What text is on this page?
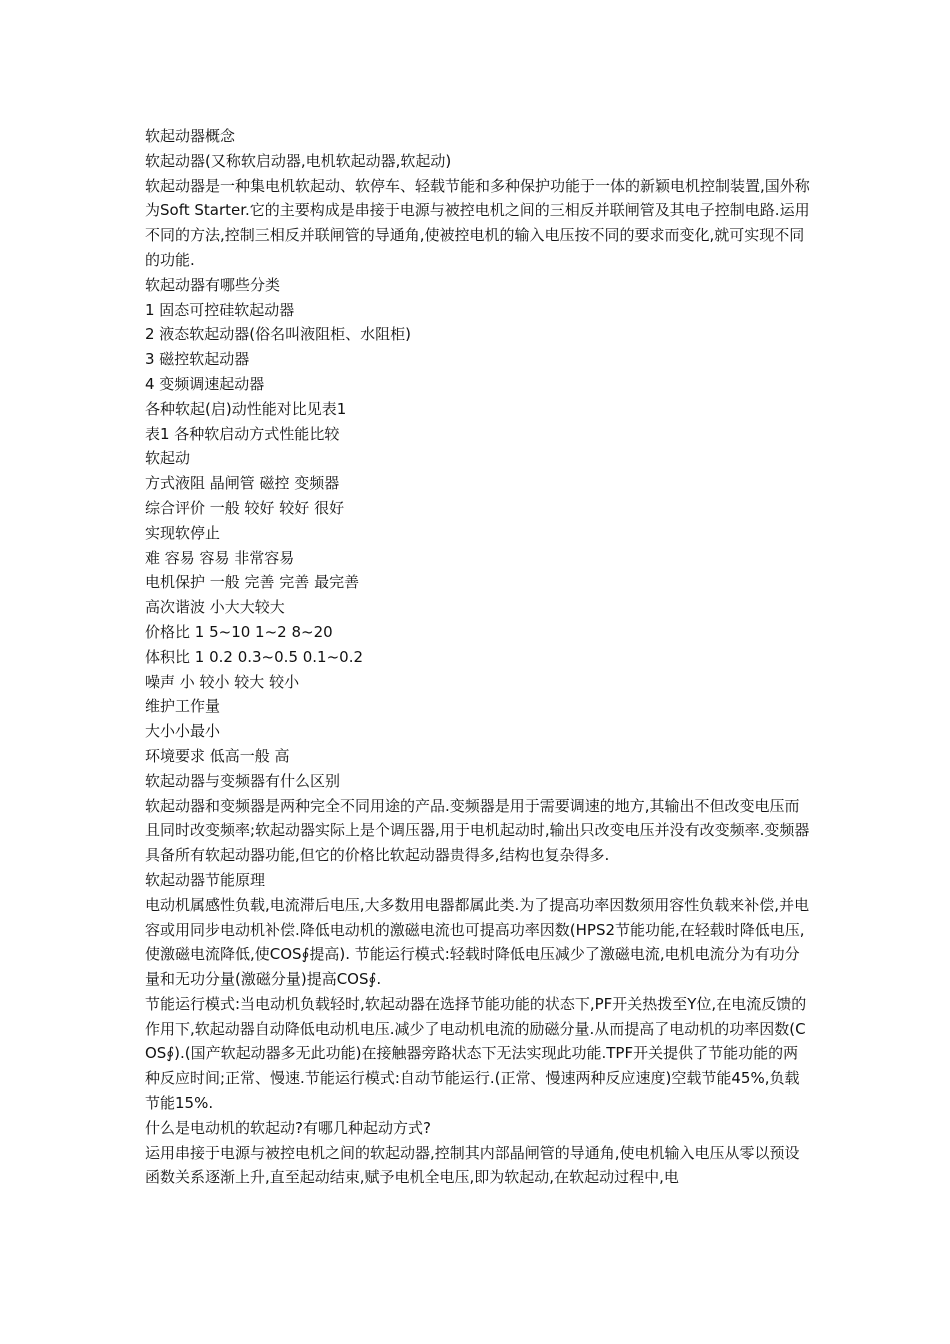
软起动器概念
软起动器(又称软启动器,电机软起动器,软起动)
软起动器是一种集电机软起动、软停车、轻载节能和多种保护功能于一体的新颖电机控制装置,国外称为Soft Starter.它的主要构成是串接于电源与被控电机之间的三相反并联闸管及其电子控制电路.运用不同的方法,控制三相反并联闸管的导通角,使被控电机的输入电压按不同的要求而变化,就可实现不同的功能.
软起动器有哪些分类
1 固态可控硅软起动器
2 液态软起动器(俗名叫液阻柜、水阻柜)
3 磁控软起动器
4 变频调速起动器
各种软起(启)动性能对比见表1
表1 各种软启动方式性能比较
软起动
方式液阻 晶闸管 磁控 变频器
综合评价 一般 较好 较好 很好
实现软停止
难 容易 容易 非常容易
电机保护 一般 完善 完善 最完善
高次谐波 小大大较大
价格比 1 5~10 1~2 8~20
体积比 1 0.2 0.3~0.5 0.1~0.2
噪声 小 较小 较大 较小
维护工作量
大小小最小
环境要求 低高一般 高
软起动器与变频器有什么区别
软起动器和变频器是两种完全不同用途的产品.变频器是用于需要调速的地方,其输出不但改变电压而且同时改变频率;软起动器实际上是个调压器,用于电机起动时,输出只改变电压并没有改变频率.变频器具备所有软起动器功能,但它的价格比软起动器贵得多,结构也复杂得多.
软起动器节能原理
电动机属感性负载,电流滞后电压,大多数用电器都属此类.为了提高功率因数须用容性负载来补偿,并电容或用同步电动机补偿.降低电动机的激磁电流也可提高功率因数(HPS2节能功能,在轻载时降低电压,使激磁电流降低,使COS∮提高). 节能运行模式:轻载时降低电压减少了激磁电流,电机电流分为有功分量和无功分量(激磁分量)提高COS∮.
节能运行模式:当电动机负载轻时,软起动器在选择节能功能的状态下,PF开关热拨至Y位,在电流反馈的作用下,软起动器自动降低电动机电压.减少了电动机电流的励磁分量.从而提高了电动机的功率因数(COS∮).(国产软起动器多无此功能)在接触器旁路状态下无法实现此功能.TPF开关提供了节能功能的两种反应时间;正常、慢速.节能运行模式:自动节能运行.(正常、慢速两种反应速度)空载节能45%,负载节能15%.
什么是电动机的软起动?有哪几种起动方式?
运用串接于电源与被控电机之间的软起动器,控制其内部晶闸管的导通角,使电机输入电压从零以预设函数关系逐渐上升,直至起动结束,赋予电机全电压,即为软起动,在软起动过程中,电
